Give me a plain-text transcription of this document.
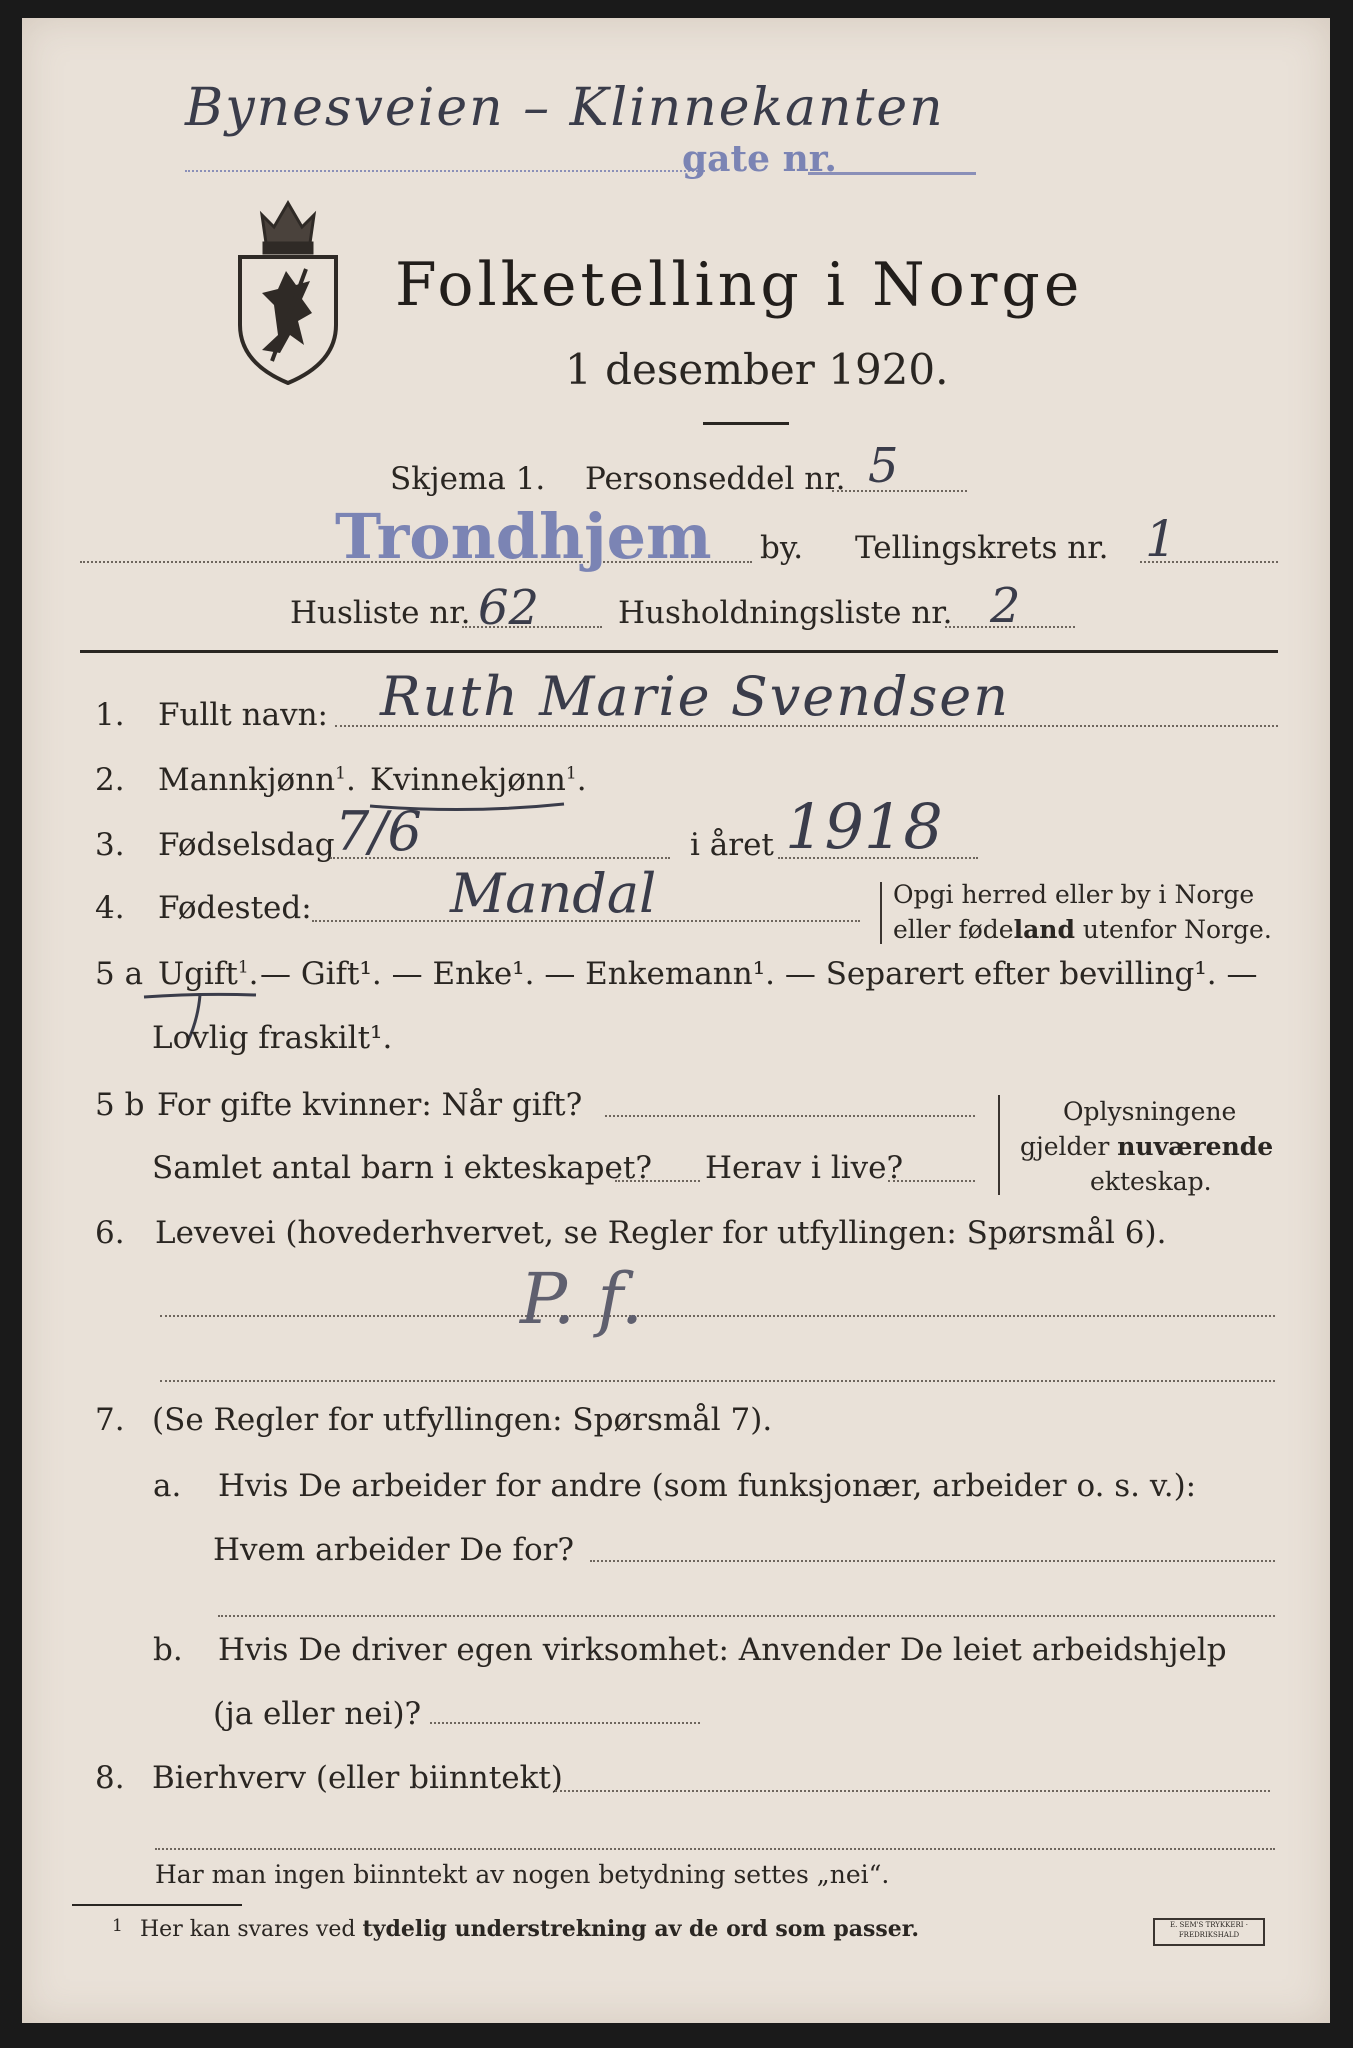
Bynesveien – Klinnekanten
gate nr.
Folketelling i Norge
1 desember 1920.
Skjema 1. Personseddel nr. 5
Trondhjem by. Tellingskrets nr. 1
Husliste nr. 62	Husholdningsliste nr. 2
1. Fullt navn: Ruth Marie Svendsen
2. Mannkjønn$^1$. Kvinnekjønn$^1$.
3. Fødselsdag 7/6	i året 1918
4. Fødested:	Mandal	Opgi herred eller by i Norge
eller fødeland utenfor Norge.
5 a Ugift$^1$. — Gift¹. — Enke¹. — Enkemann¹. — Separert efter bevilling¹. —
Lovlig fraskilt¹.
5 b For gifte kvinner: Når gift?
Samlet antal barn i ekteskapet? Herav i live?
Oplysningene
gjelder nuværende
ekteskap.
6. Levevei (hovederhvervet, se Regler for utfyllingen: Spørsmål 6).
P. f.
7. (Se Regler for utfyllingen: Spørsmål 7).
a. Hvis De arbeider for andre (som funksjonær, arbeider o. s. v.):
Hvem arbeider De for?
b. Hvis De driver egen virksomhet: Anvender De leiet arbeidshjelp
(ja eller nei)?
8. Bierhverv (eller biinntekt)
Har man ingen biinntekt av nogen betydning settes „nei“.
1 Her kan svares ved tydelig understrekning av de ord som passer.	E. SEM'S TRYKKERI · FREDRIKSHALD
